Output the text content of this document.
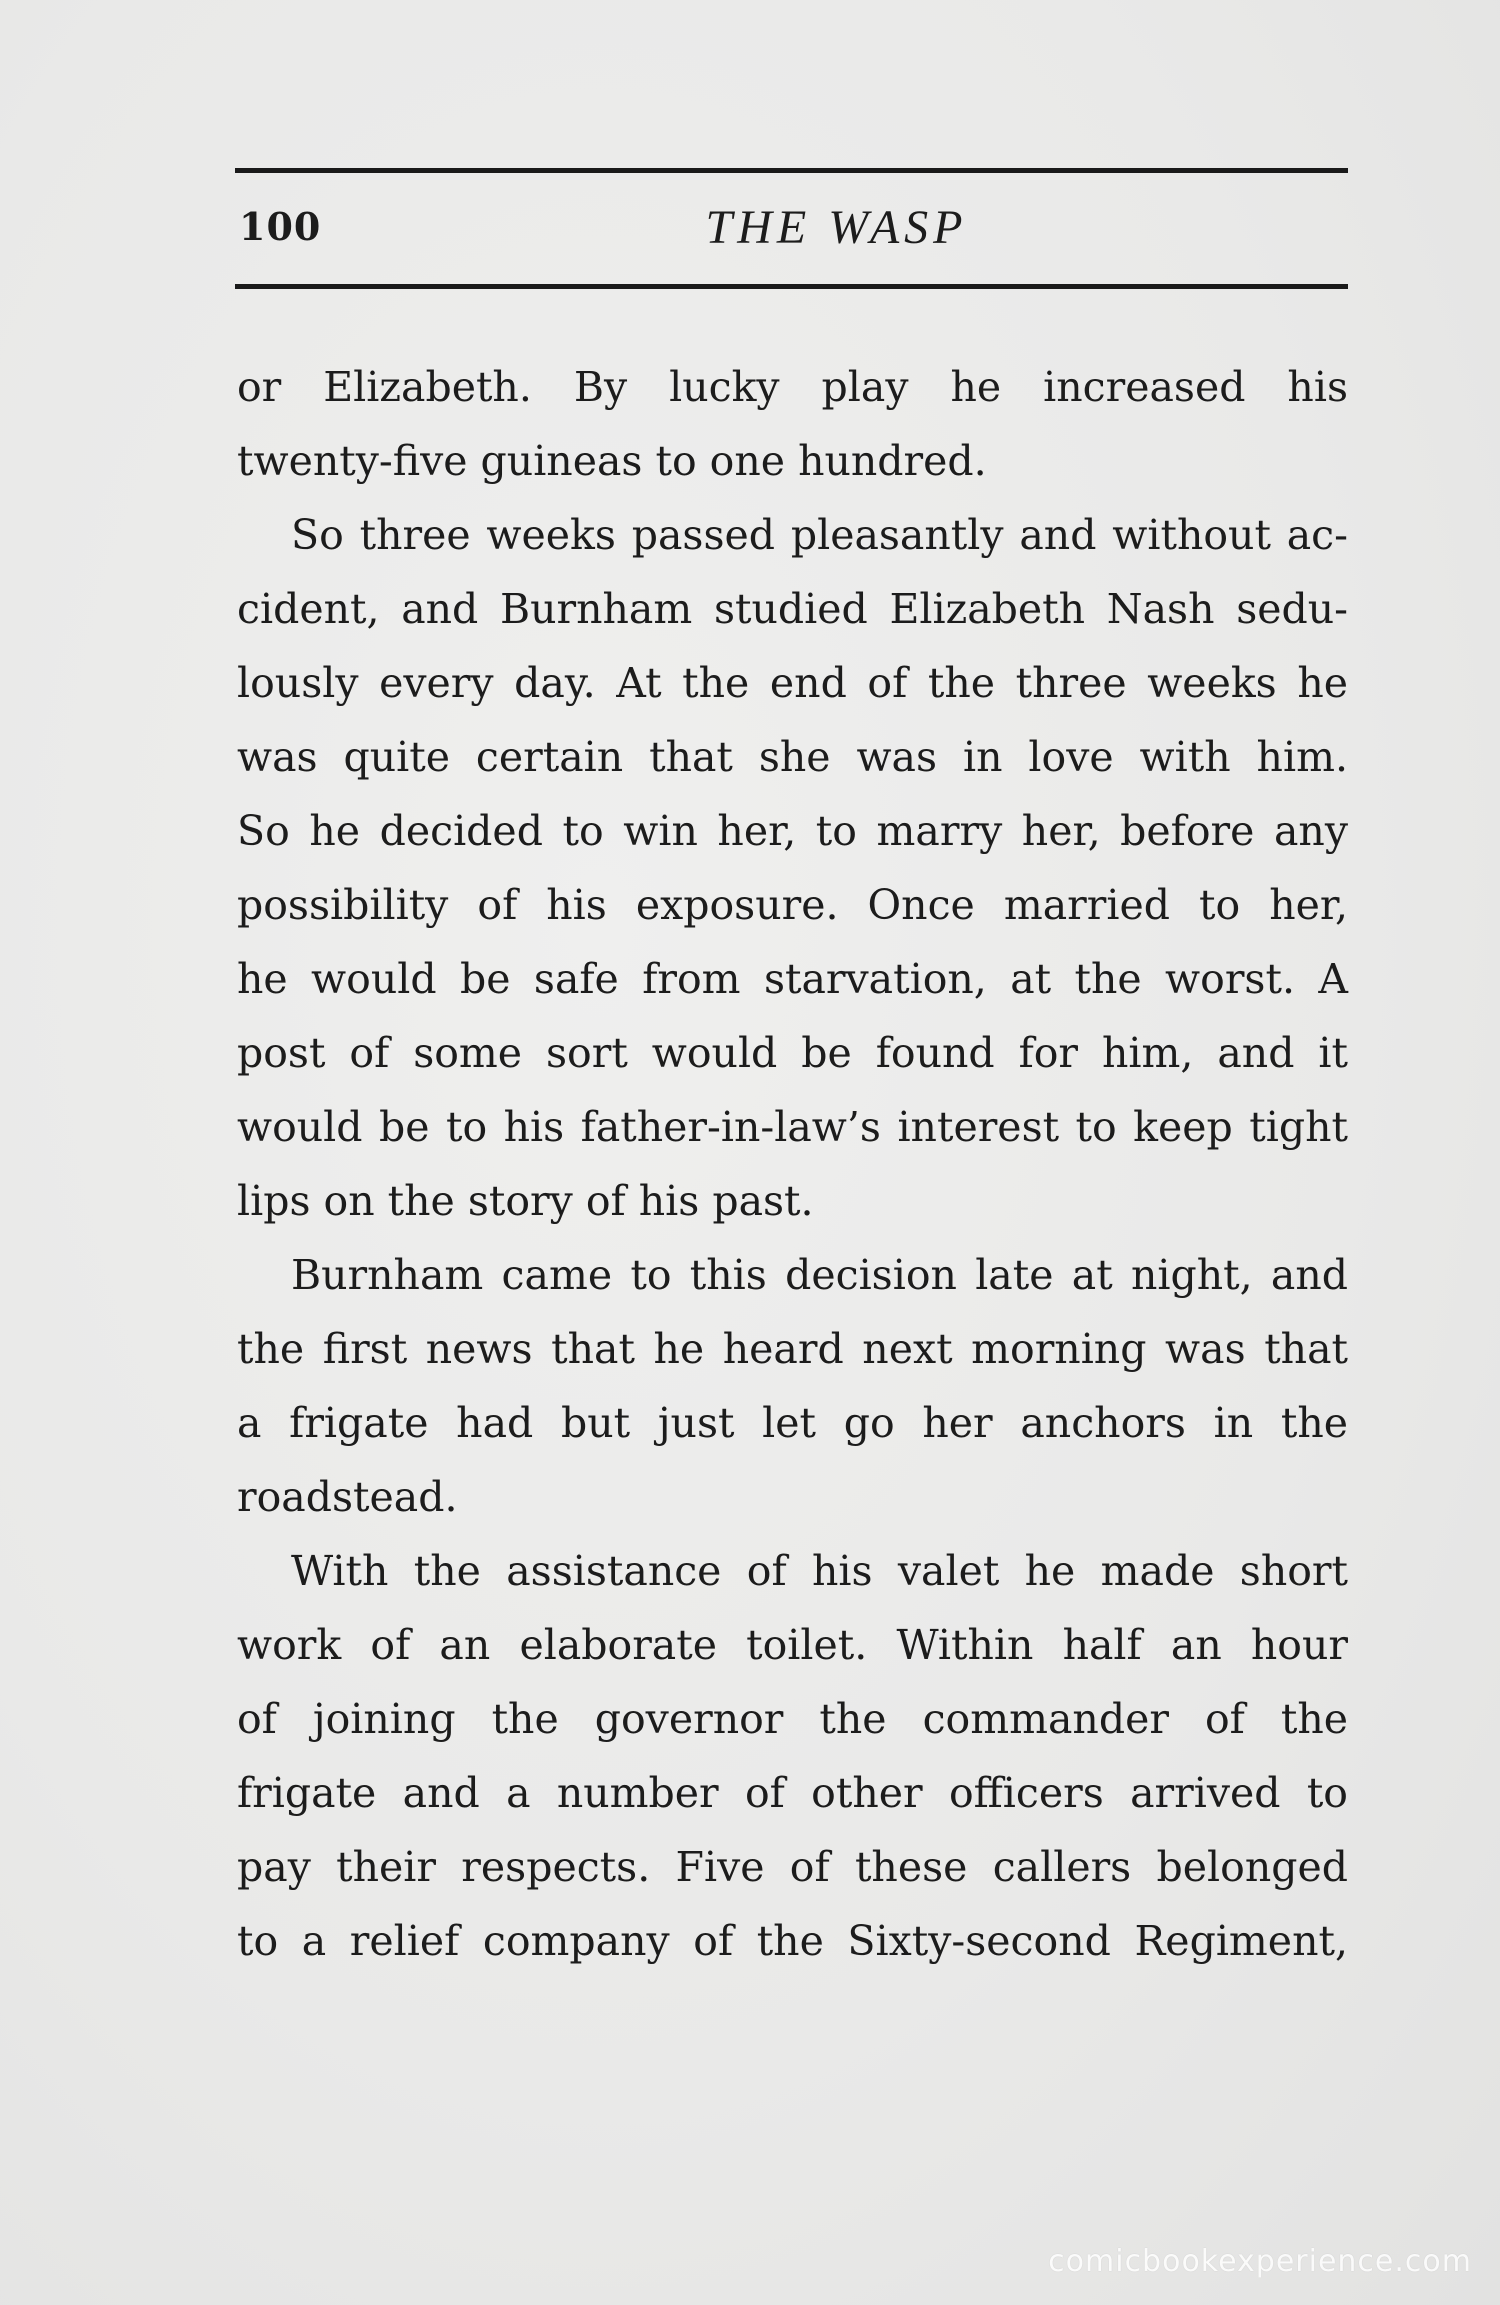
100	THE WASP
or Elizabeth. By lucky play he increased his
twenty-five guineas to one hundred.
So three weeks passed pleasantly and without ac-
cident, and Burnham studied Elizabeth Nash sedu-
lously every day. At the end of the three weeks he
was quite certain that she was in love with him.
So he decided to win her, to marry her, before any
possibility of his exposure. Once married to her,
he would be safe from starvation, at the worst. A
post of some sort would be found for him, and it
would be to his father-in-law’s interest to keep tight
lips on the story of his past.
Burnham came to this decision late at night, and
the first news that he heard next morning was that
a frigate had but just let go her anchors in the
roadstead.
With the assistance of his valet he made short
work of an elaborate toilet. Within half an hour
of joining the governor the commander of the
frigate and a number of other officers arrived to
pay their respects. Five of these callers belonged
to a relief company of the Sixty-second Regiment,
comicbookexperience.com
